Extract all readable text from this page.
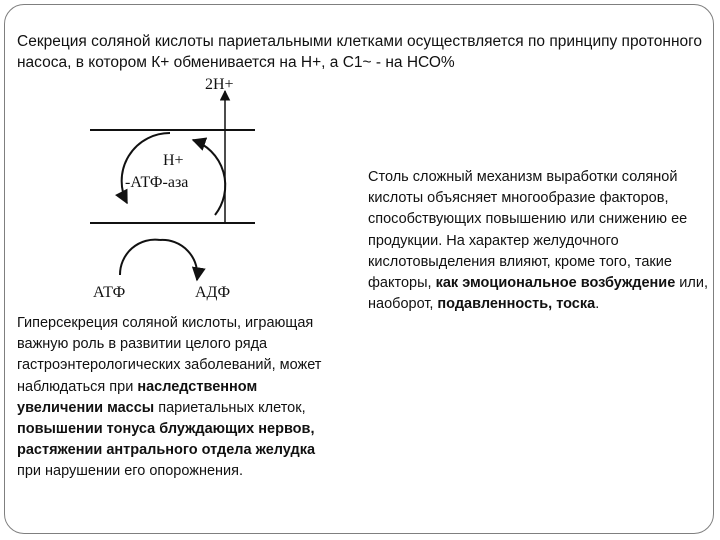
Секреция соляной кислоты париетальными клетками осуществляется по принципу протонного насоса, в котором К+ обменивается на Н+, а С1~ - на НСО%
2Н+
Н+
-АТФ-аза
АТФ	АДФ
Столь сложный механизм выработки соляной кислоты объясняет многообразие факторов, способствующих повышению или снижению ее продукции. На характер желудочного кислотовыделения влияют, кроме того, такие факторы, как эмоциональное возбуждение или, наоборот, подавленность, тоска.
Гиперсекреция соляной кислоты, играющая важную роль в развитии целого ряда гастроэнтерологических заболеваний, может наблюдаться при наследственном увеличении массы париетальных клеток, повышении тонуса блуждающих нервов, растяжении антрального отдела желудка при нарушении его опорожнения.
